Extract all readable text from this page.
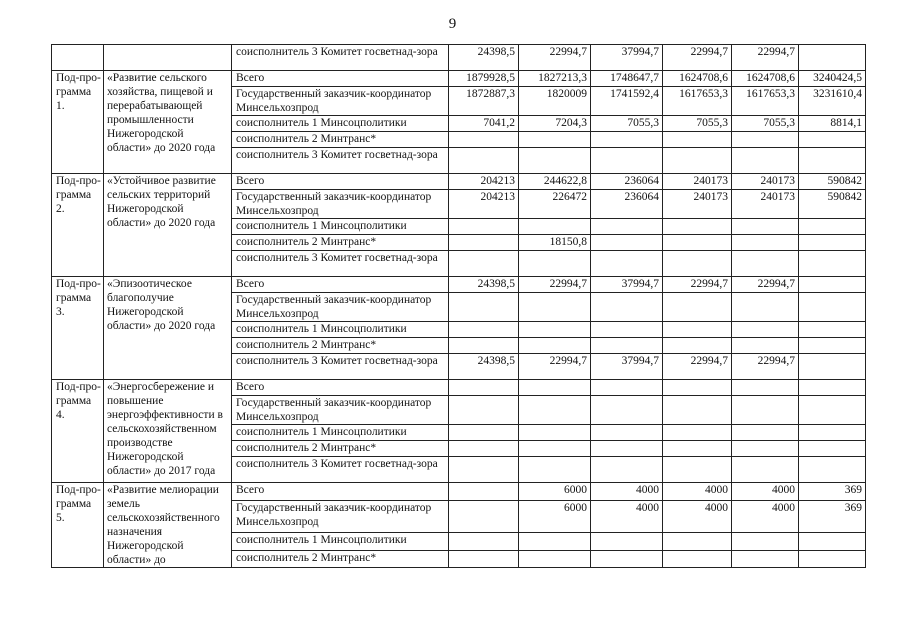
9
		соисполнитель 3 Комитет госветнад-зора	24398,5	22994,7	37994,7	22994,7	22994,7	
Под-про-грамма 1.	«Развитие сельского хозяйства, пищевой и перерабатывающей промышленности Нижегородской области» до 2020 года	Всего	1879928,5	1827213,3	1748647,7	1624708,6	1624708,6	3240424,5
		Государственный заказчик-координатор Минсельхозпрод	1872887,3	1820009	1741592,4	1617653,3	1617653,3	3231610,4
		соисполнитель 1 Минсоцполитики	7041,2	7204,3	7055,3	7055,3	7055,3	8814,1
		соисполнитель 2 Минтранс*						
		соисполнитель 3 Комитет госветнад-зора						
Под-про-грамма 2.	«Устойчивое развитие сельских территорий Нижегородской области» до 2020 года	Всего	204213	244622,8	236064	240173	240173	590842
		Государственный заказчик-координатор Минсельхозпрод	204213	226472	236064	240173	240173	590842
		соисполнитель 1 Минсоцполитики						
		соисполнитель 2 Минтранс*		18150,8				
		соисполнитель 3 Комитет госветнад-зора						
Под-про-грамма 3.	«Эпизоотическое благополучие Нижегородской области» до 2020 года	Всего	24398,5	22994,7	37994,7	22994,7	22994,7	
		Государственный заказчик-координатор Минсельхозпрод						
		соисполнитель 1 Минсоцполитики						
		соисполнитель 2 Минтранс*						
		соисполнитель 3 Комитет госветнад-зора	24398,5	22994,7	37994,7	22994,7	22994,7	
Под-про-грамма 4.	«Энергосбережение и повышение энергоэффективности в сельскохозяйственном производстве Нижегородской области» до 2017 года	Всего						
		Государственный заказчик-координатор Минсельхозпрод						
		соисполнитель 1 Минсоцполитики						
		соисполнитель 2 Минтранс*						
		соисполнитель 3 Комитет госветнад-зора						
Под-про-грамма 5.	«Развитие мелиорации земель сельскохозяйственного назначения Нижегородской области» до	Всего		6000	4000	4000	4000	369
		Государственный заказчик-координатор Минсельхозпрод		6000	4000	4000	4000	369
		соисполнитель 1 Минсоцполитики						
		соисполнитель 2 Минтранс*						
